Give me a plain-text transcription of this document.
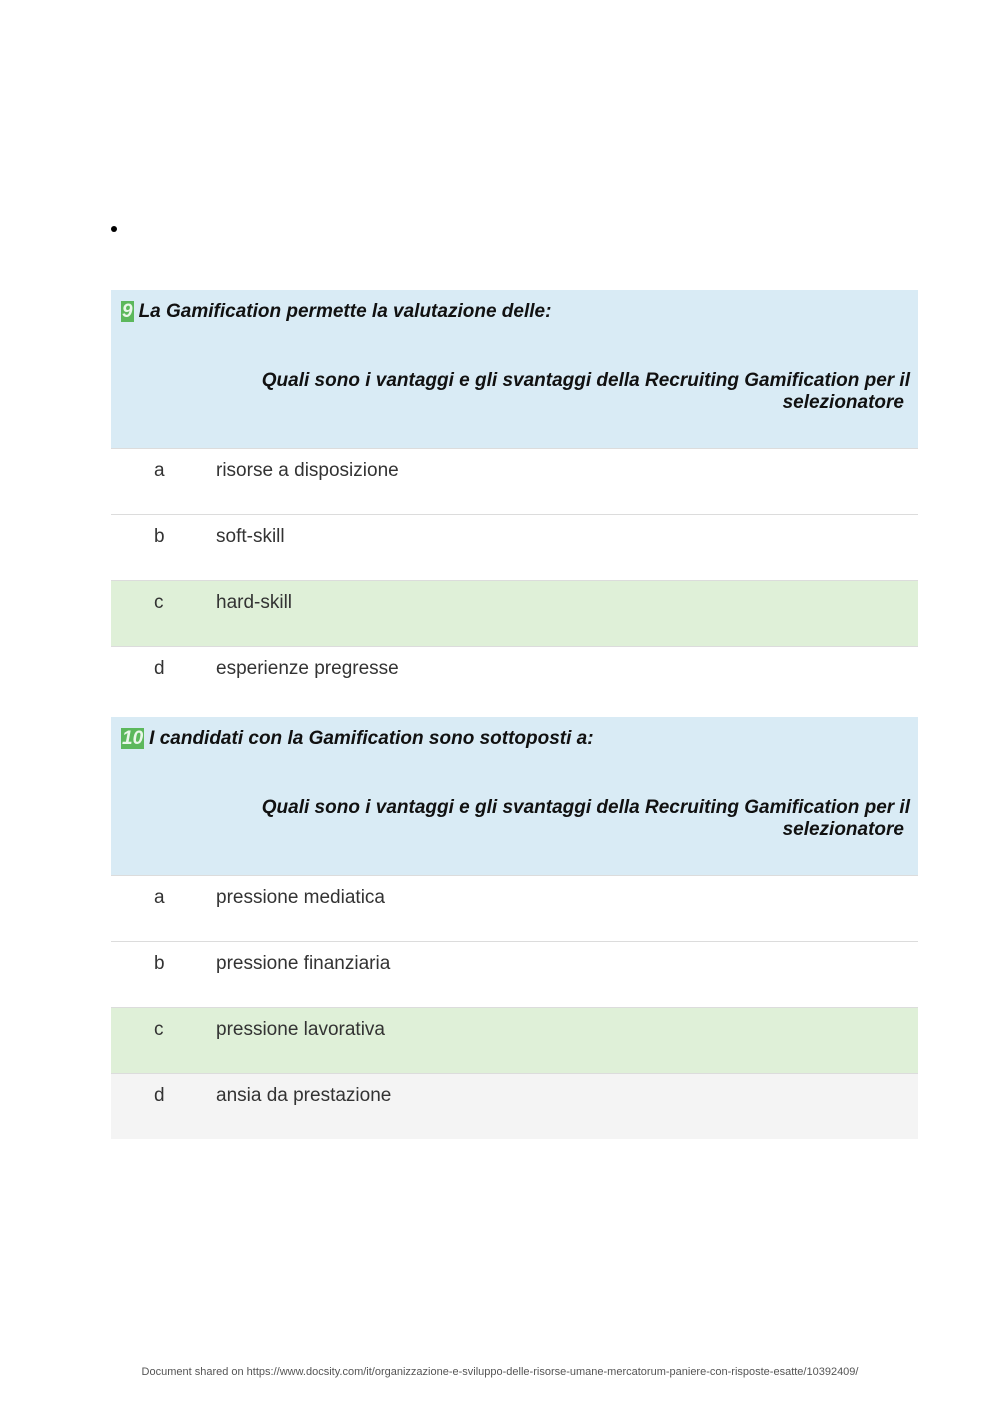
9 La Gamification permette la valutazione delle:
Quali sono i vantaggi e gli svantaggi della Recruiting Gamification per il
selezionatore
a	risorse a disposizione
b	soft-skill
c	hard-skill
d	esperienze pregresse
10 I candidati con la Gamification sono sottoposti a:
Quali sono i vantaggi e gli svantaggi della Recruiting Gamification per il
selezionatore
a	pressione mediatica
b	pressione finanziaria
c	pressione lavorativa
d	ansia da prestazione
Document shared on https://www.docsity.com/it/organizzazione-e-sviluppo-delle-risorse-umane-mercatorum-paniere-con-risposte-esatte/10392409/
